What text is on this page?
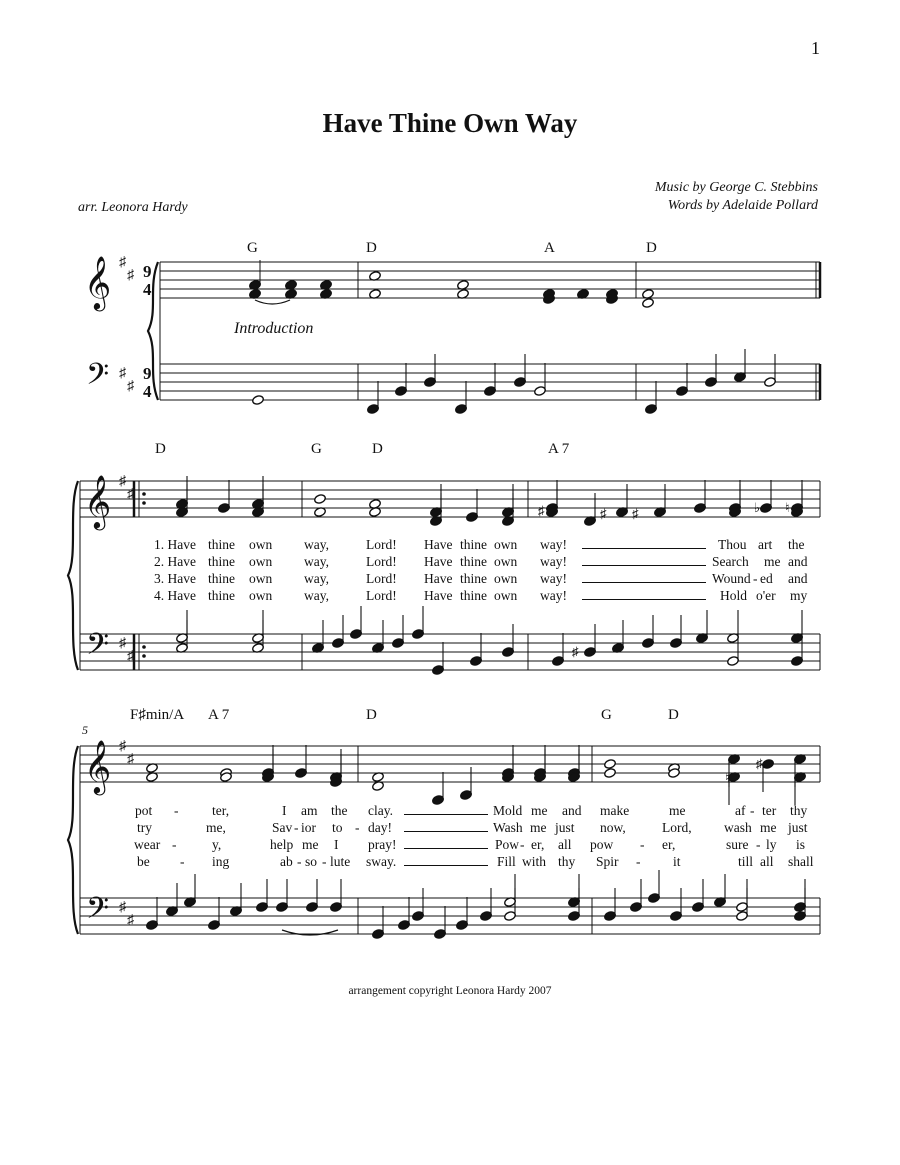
1
Have Thine Own Way
Music by George C. Stebbins
Words by Adelaide Pollard
arr. Leonora Hardy
G	D	A	D
Introduction
D	G	D	A 7
F♯min/A A 7	D	G	D
5
1. Have thine own way,	Lord! Have thine own way!	Thou art the
2. Have thine own way,	Lord! Have thine own way!	Search me and
3. Have thine own way,	Lord! Have thine own way!	Wound - ed and
4. Have thine own way,	Lord! Have thine own way!	Hold o'er my
pot - ter,	I am the clay.	Mold me and make	me	af - ter thy
try	me,	Sav - ior to - day!	Wash me just now,	Lord, wash me just
wear -	y,	help me I pray!	Pow - er, all pow - er,	sure - ly is
be - ing	ab - so - lute sway.	Fill with thy Spir - it	till all shall
arrangement copyright Leonora Hardy 2007
𝄞
𝄢
♯
♯
♯
♯
9
4
9
4
𝄞
𝄢
♯
♯
♯
♯
♯	♯ ♯	♭ ♮
♯
𝄞
𝄢
♯
♯
♯
♯
♮
♯
